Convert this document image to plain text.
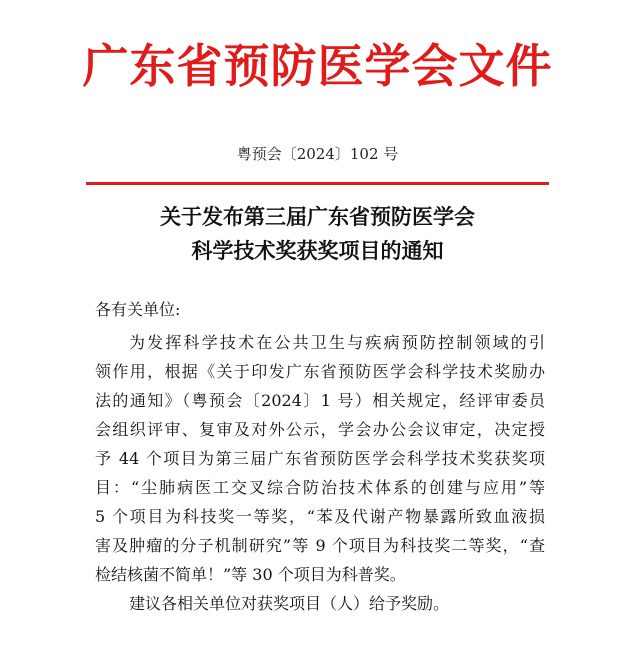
广东省预防医学会文件
粤预会〔2024〕102 号
关于发布第三届广东省预防医学会
科学技术奖获奖项目的通知
各有关单位:
为发挥科学技术在公共卫生与疾病预防控制领域的引
领作用，根据《关于印发广东省预防医学会科学技术奖励办
法的通知》（粤预会〔2024〕1 号）相关规定，经评审委员
会组织评审、复审及对外公示，学会办公会议审定，决定授
予 44 个项目为第三届广东省预防医学会科学技术奖获奖项
目：“尘肺病医工交叉综合防治技术体系的创建与应用”等
5 个项目为科技奖一等奖，“苯及代谢产物暴露所致血液损
害及肿瘤的分子机制研究”等 9 个项目为科技奖二等奖，“查
检结核菌不简单！”等 30 个项目为科普奖。
建议各相关单位对获奖项目（人）给予奖励。
